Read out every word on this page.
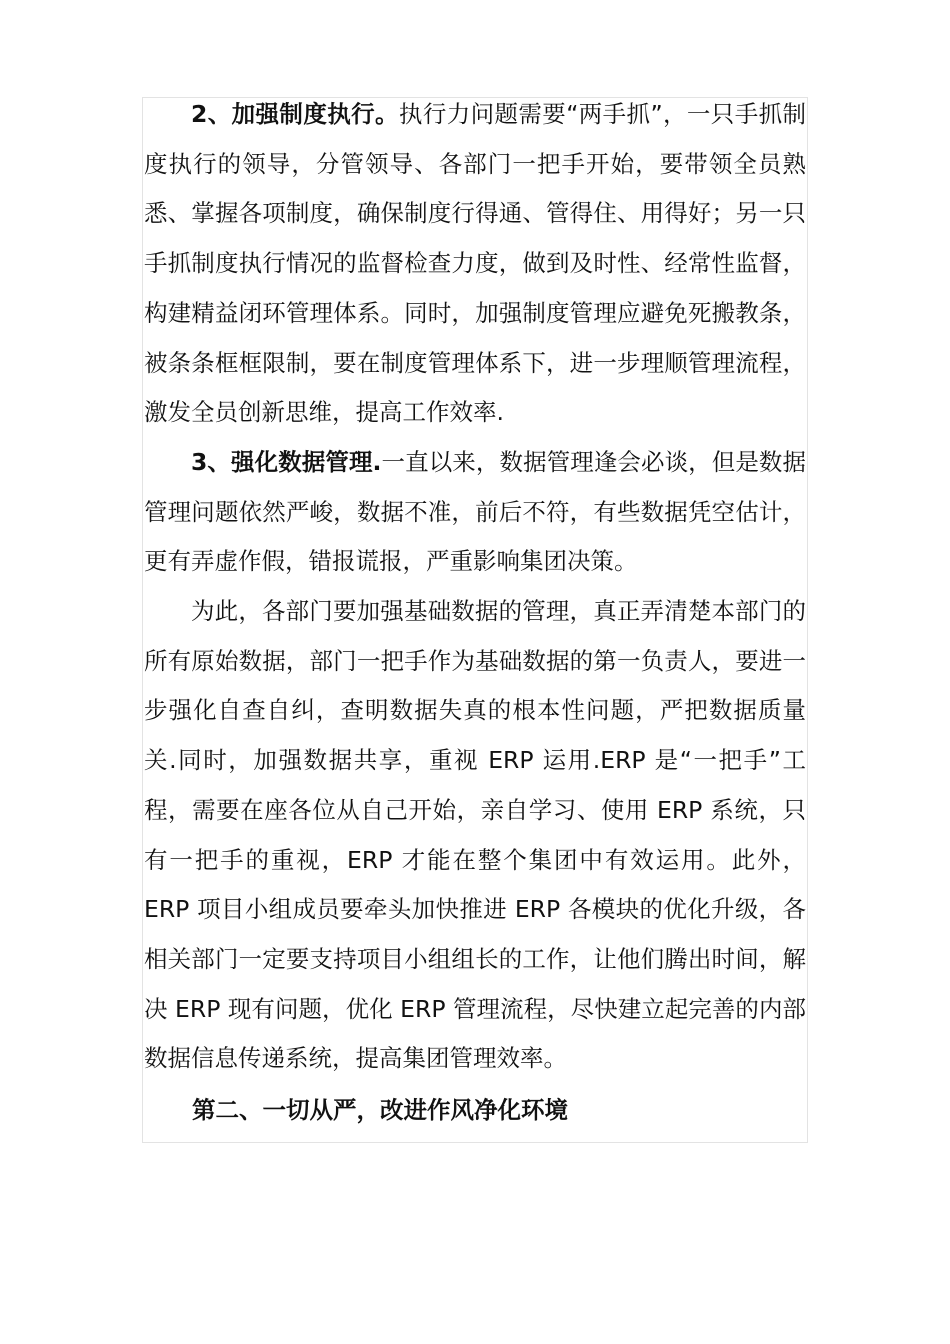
2、加强制度执行。执行力问题需要“两手抓”，一只手抓制度执行的领导，分管领导、各部门一把手开始，要带领全员熟悉、掌握各项制度，确保制度行得通、管得住、用得好；另一只手抓制度执行情况的监督检查力度，做到及时性、经常性监督，构建精益闭环管理体系。同时，加强制度管理应避免死搬教条，被条条框框限制，要在制度管理体系下，进一步理顺管理流程，激发全员创新思维，提高工作效率.

3、强化数据管理.一直以来，数据管理逢会必谈，但是数据管理问题依然严峻，数据不准，前后不符，有些数据凭空估计，更有弄虚作假，错报谎报，严重影响集团决策。

为此，各部门要加强基础数据的管理，真正弄清楚本部门的所有原始数据，部门一把手作为基础数据的第一负责人，要进一步强化自查自纠，查明数据失真的根本性问题，严把数据质量关.同时，加强数据共享，重视 ERP 运用.ERP 是“一把手”工程，需要在座各位从自己开始，亲自学习、使用 ERP 系统，只有一把手的重视，ERP 才能在整个集团中有效运用。此外，ERP 项目小组成员要牵头加快推进 ERP 各模块的优化升级，各相关部门一定要支持项目小组组长的工作，让他们腾出时间，解决 ERP 现有问题，优化 ERP 管理流程，尽快建立起完善的内部数据信息传递系统，提高集团管理效率。

第二、一切从严，改进作风净化环境
